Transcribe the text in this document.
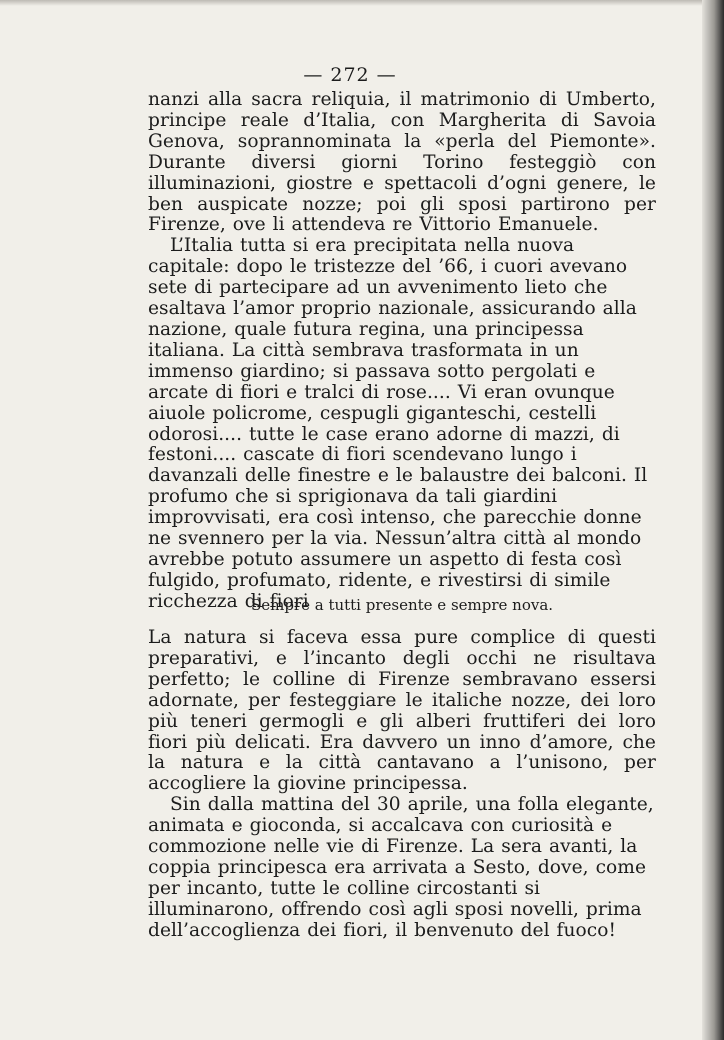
— 272 —

nanzi alla sacra reliquia, il matrimonio di Umberto, principe reale d’Italia, con Margherita di Savoia Genova, soprannominata la «perla del Piemonte». Durante diversi giorni Torino festeggiò con illuminazioni, giostre e spettacoli d’ogni genere, le ben auspicate nozze; poi gli sposi partirono per Firenze, ove li attendeva re Vittorio Emanuele.

L’Italia tutta si era precipitata nella nuova capitale: dopo le tristezze del ’66, i cuori avevano sete di partecipare ad un avvenimento lieto che esaltava l’amor proprio nazionale, assicurando alla nazione, quale futura regina, una principessa italiana. La città sembrava trasformata in un immenso giardino; si passava sotto pergolati e arcate di fiori e tralci di rose.... Vi eran ovunque aiuole policrome, cespugli giganteschi, cestelli odorosi.... tutte le case erano adorne di mazzi, di festoni.... cascate di fiori scendevano lungo i davanzali delle finestre e le balaustre dei balconi. Il profumo che si sprigionava da tali giardini improvvisati, era così intenso, che parecchie donne ne svennero per la via. Nessun’altra città al mondo avrebbe potuto assumere un aspetto di festa così fulgido, profumato, ridente, e rivestirsi di simile ricchezza di fiori

Sempre a tutti presente e sempre nova.

La natura si faceva essa pure complice di questi preparativi, e l’incanto degli occhi ne risultava perfetto; le colline di Firenze sembravano essersi adornate, per festeggiare le italiche nozze, dei loro più teneri germogli e gli alberi fruttiferi dei loro fiori più delicati. Era davvero un inno d’amore, che la natura e la città cantavano a l’unisono, per accogliere la giovine principessa.

Sin dalla mattina del 30 aprile, una folla elegante, animata e gioconda, si accalcava con curiosità e commozione nelle vie di Firenze. La sera avanti, la coppia principesca era arrivata a Sesto, dove, come per incanto, tutte le colline circostanti si illuminarono, offrendo così agli sposi novelli, prima dell’accoglienza dei fiori, il benvenuto del fuoco!
